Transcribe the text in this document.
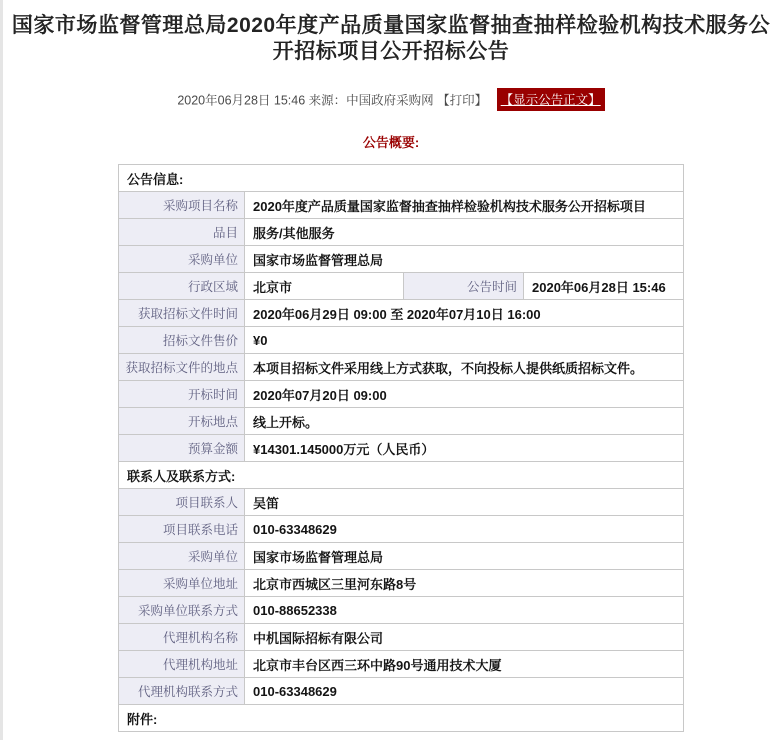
国家市场监督管理总局2020年度产品质量国家监督抽查抽样检验机构技术服务公开招标项目公开招标公告
2020年06月28日 15:46 来源：中国政府采购网 【打印】 【显示公告正文】
公告概要:
公告信息:			
采购项目名称	2020年度产品质量国家监督抽查抽样检验机构技术服务公开招标项目		
品目	服务/其他服务		
采购单位	国家市场监督管理总局		
行政区域	北京市	公告时间	2020年06月28日 15:46
获取招标文件时间	2020年06月29日 09:00 至 2020年07月10日 16:00		
招标文件售价	¥0		
获取招标文件的地点	本项目招标文件采用线上方式获取，不向投标人提供纸质招标文件。		
开标时间	2020年07月20日 09:00		
开标地点	线上开标。		
预算金额	¥14301.145000万元（人民币）		
联系人及联系方式:			
项目联系人	吴笛		
项目联系电话	010-63348629		
采购单位	国家市场监督管理总局		
采购单位地址	北京市西城区三里河东路8号		
采购单位联系方式	010-88652338		
代理机构名称	中机国际招标有限公司		
代理机构地址	北京市丰台区西三环中路90号通用技术大厦		
代理机构联系方式	010-63348629		
附件:			
